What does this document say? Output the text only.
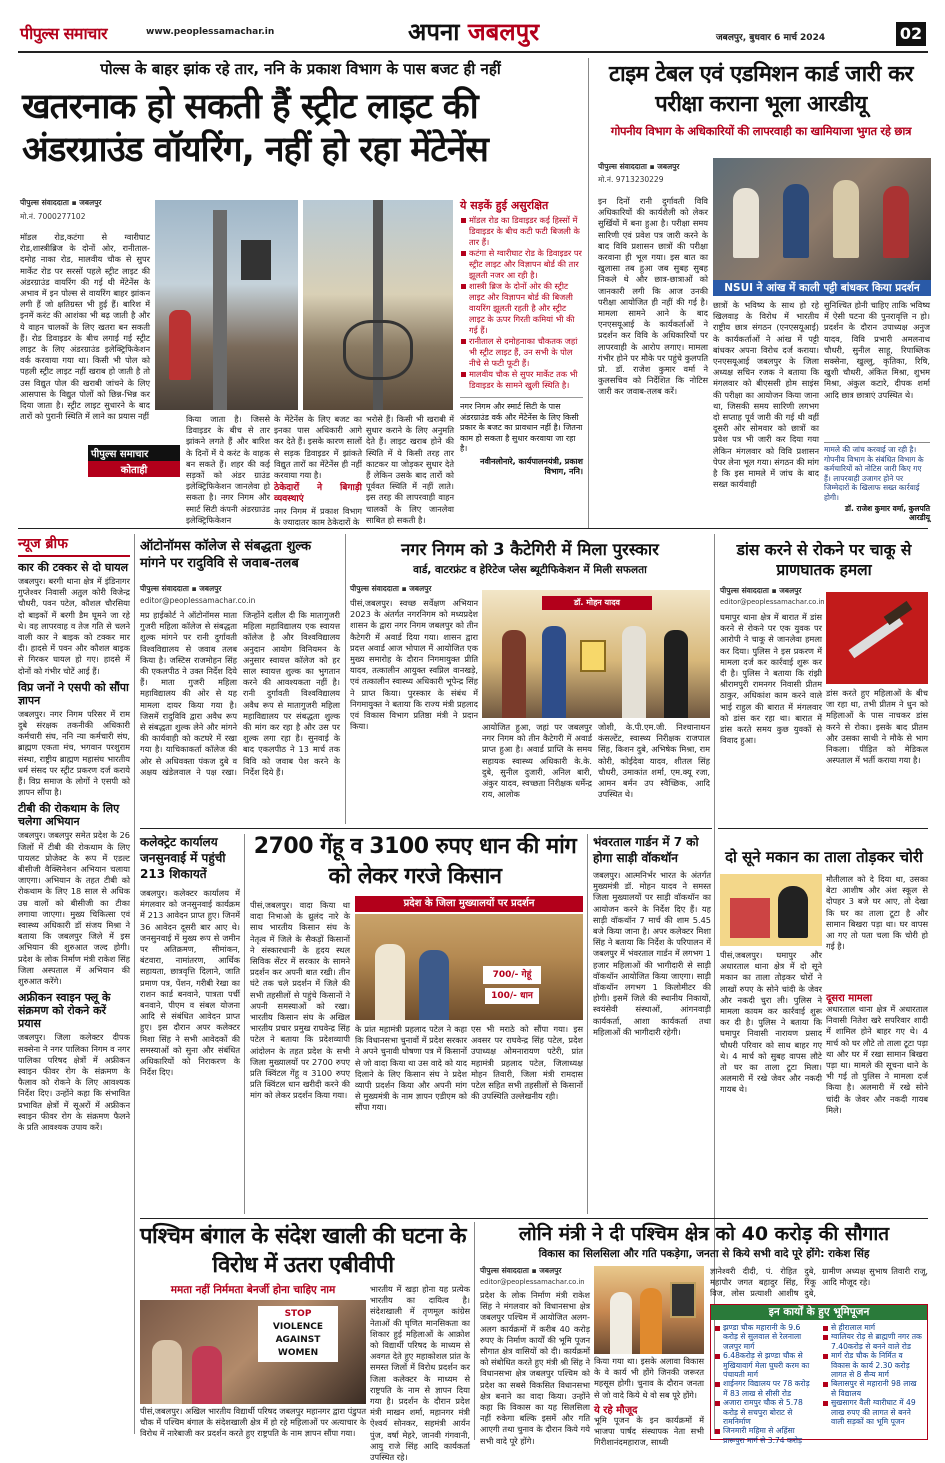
पीपुल्स समाचार	www.peoplessamachar.in	अपना जबलपुर	जबलपुर, बुधवार 6 मार्च 2024	02
पोल्स के बाहर झांक रहे तार, ननि के प्रकाश विभाग के पास बजट ही नहीं
खतरनाक हो सकती हैं स्ट्रीट लाइट की अंडरग्राउंड वॉयरिंग, नहीं हो रहा मेंटेनेंस
पीपुल्स संवाददाता ▪ जबलपुर
मो.नं. 7000277102
मॉडल रोड,कटंगा से ग्वारीघाट रोड,शास्त्रीब्रिज के दोनों ओर, रानीताल- दमोह नाका रोड, मालवीय चौक से सुपर मार्केट रोड पर सरसों पहले स्ट्रीट लाइट की अंडरग्राउंड वायरिंग की गई थी मेंटेनेंस के अभाव में इन पोल्स से वायरिंग बाहर झांकन लगी हैं जो क्षतिग्रस्त भी हुई हैं। बारिश में इनमें करंट की आशंका भी बढ़ जाती है और ये वाहन चालकों के लिए खतरा बन सकती हैं। रोड डिवाइडर के बीच लगाई गई स्ट्रीट लाइट के लिए अंडरग्राउंड इलेक्ट्रिफिकेशन वर्क करवाया गया था। किसी भी पोल को पहली स्ट्रीट लाइट नहीं खराब हो जाती है तो उस विद्युत पोल की खराबी जांचने के लिए आसपास के विद्युत पोलों को छिन्न-भिन्न कर दिया जाता है। स्ट्रीट लाइट सुधारने के बाद तारों को पुरानी स्थिति में लाने का प्रयास नहीं
पीपुल्स समाचार
कोताही
किया जाता है। जिससे डिवाइडर के बीच से तार झांकने लगते हैं और बारिश के दिनों में ये करंट के वाहक बन सकते हैं। शहर की कई सड़कों को अंडर ग्राउंड इलेक्ट्रिफिकेशन जानलेवा हो सकता है। नगर निगम और स्मार्ट सिटी कंपनी अंडरग्राउंड इलेक्ट्रिफिकेशन
के मेंटेनेंस के लिए बजट का इनका पास अधिकारी आगे कर देते हैं। इसके कारण सालों से सड़क डिवाइडर में झांकते विद्युत तारों का मेंटेनेंस ही नहीं करवाया गया है।
ठेकेदारों ने बिगाड़ी व्यवस्थाएं
नगर निगम में प्रकाश विभाग के ज्यादातर काम ठेकेदारों के
भरोसे हैं। किसी भी खराबी में सुधार कराने के लिए अनुमति देते हैं। लाइट खराब होने की स्थिति में ये किसी तरह तार काटकर या जोड़कर सुधार देते हैं लेकिन उसके बाद तारों को पूर्ववत स्थिति में नहीं लाते। इस तरह की लापरवाही वाहन चालकों के लिए जानलेवा साबित हो सकती है।
ये सड़कें हुई असुरक्षित
मॉडल रोड का डिवाइडर कई हिस्सों में डिवाइडर के बीच कटी फटी बिजली के तार हैं।
कटंगा से ग्वारीघाट रोड के डिवाइडर पर स्ट्रीट लाइट और विज्ञापन बोर्ड की तार झूलती नजर आ रही है।
शास्त्री ब्रिज के दोनों ओर की स्ट्रीट लाइट और विज्ञापन बोर्ड की बिजली वायरिंग झूलती रहती है और स्ट्रीट लाइट के ऊपर गिरती कमियां भी की गई हैं।
रानीताल से दमोहनाका चौकतक जहां भी स्ट्रीट लाइट हैं, उन सभी के पोल नीचे से फटी फूटी हैं।
मालवीय चौक से सुपर मार्केट तक भी डिवाइडर के सामने खुली स्थिति है।
नगर निगम और स्मार्ट सिटी के पास अंडरग्राउंड वर्क और मेंटेनेंस के लिए किसी प्रकार के बजट का प्रावधान नहीं है। जितना काम हो सकता है सुधार करवाया जा रहा है।
नवीनलोनारे, कार्यपालनयंत्री, प्रकाश विभाग, ननि।
टाइम टेबल एवं एडमिशन कार्ड जारी कर परीक्षा कराना भूला आरडीयू
गोपनीय विभाग के अधिकारियों की लापरवाही का खामियाजा भुगत रहे छात्र
पीपुल्स संवाददाता ▪ जबलपुर
मो.नं. 9713230229
इन दिनों रानी दुर्गावती विवि अधिकारियों की कार्यशैली को लेकर सुर्खियों में बना हुआ है। परीक्षा समय सारिणी एवं प्रवेश पत्र जारी करने के बाद विवि प्रशासन छात्रों की परीक्षा करवाना ही भूल गया। इस बात का खुलासा तब हुआ जब सुबह सुबह निकले थे और छात्र-छात्राओं को जानकारी लगी कि आज उनकी परीक्षा आयोजित ही नहीं की गई है। मामला सामने आने के बाद एनएसयूआई के कार्यकर्ताओं ने प्रदर्शन कर विवि के अधिकारियों पर लापरवाही के आरोप लगाए। मामला गंभीर होने पर मौके पर पहुंचे कुलपति प्रो. डॉ. राजेश कुमार वर्मा ने कुलसचिव को निर्देशित कि नोटिस जारी कर जवाब-तलब करें।
NSUI ने आंख में काली पट्टी बांधकर किया प्रदर्शन
छात्रों के भविष्य के साथ हो रहे खिलवाड़ के विरोध में भारतीय राष्ट्रीय छात्र संगठन (एनएसयूआई) के कार्यकर्ताओं ने आंख में पट्टी बांधकर अपना विरोध दर्ज कराया। एनएसयूआई जबलपुर के जिला अध्यक्ष सचिन रजक ने बताया कि मंगलवार को बीएससी होम साइंस की परीक्षा का आयोजन किया जाना था, जिसकी समय सारिणी लगभग दो सप्ताह पूर्व जारी की गई थी वहीं दूसरी ओर सोमवार को छात्रों का प्रवेश पत्र भी जारी कर दिया गया लेकिन मंगलवार को विवि प्रशासन पेपर लेना भूल गया। संगठन की मांग है कि इस मामले में जांच के बाद सख्त कार्यवाही
सुनिश्चित होनी चाहिए ताकि भविष्य में ऐसी घटना की पुनरावृत्ति न हो। प्रदर्शन के दौरान उपाध्यक्ष अनुज यादव, विवि प्रभारी अमलनाथ चौधरी, सुनील साहू, रिपाब्लिक सक्सेना, खुल्लु, कृतिका, रिषि, खुशी चौधरी, अंकित मिश्रा, शुभम मिश्रा, अंकुल कटारे, दीपक शर्मा आदि छात्र छात्राएं उपस्थित थे।
मामले की जांच करवाई जा रही है। गोपनीय विभाग के संबंधित विभाग के कर्मचारियों को नोटिस जारी किए गए हैं। लापरवाही उजागर होने पर जिम्मेदारों के खिलाफ सख्त कार्रवाई होगी।
डॉ. राजेश कुमार वर्मा, कुलपति आरडीयू
न्यूज ब्रीफ
कार की टक्कर से दो घायल
जबलपुर। बरगी थाना क्षेत्र में इंडिनागर गुप्तेश्वर निवासी अतुल कोरी विजेन्द्र चौधरी, पवन पटेल, कौशल चौरसिया दो बाइकों में बरगी डैम घूमने जा रहे थे। वह लापरवाह व तेज गति से चलने वाली कार ने बाइक को टक्कर मार दी। हादसे में पवन और कौशल बाइक से गिरकर घायल हो गए। हादसे में दोनों को गंभीर चोटें आई हैं।
विप्र जनों ने एसपी को सौंपा ज्ञापन
जबलपुर। नगर निगम परिसर में राम दुबे संरक्षक तकनीकी अधिकारी कर्मचारी संघ, ननि न्या कर्मचारी संघ, ब्राह्मण एकता मंच, भगवान परशुराम संस्था, राष्ट्रीय ब्राह्मण महासंघ भारतीय धर्म संसद पर स्ट्रीट प्रकरण दर्ज कराये हैं। विप्र समाज के लोगों ने एसपी को ज्ञापन सौंपा है।
टीबी की रोकथाम के लिए चलेगा अभियान
जबलपुर। जबलपुर समेत प्रदेश के 26 जिलों में टीबी की रोकथाम के लिए पायलट प्रोजेक्ट के रूप में एडल्ट बीसीजी वैक्सिनेशन अभियान चलाया जाएगा। अभियान के तहत टीबी को रोकथाम के लिए 18 साल से अधिक उम्र वालों को बीसीजी का टीका लगाया जाएगा। मुख्य चिकित्सा एवं स्वास्थ्य अधिकारी डॉ संजय मिश्रा ने बताया कि जबलपुर जिले में इस अभियान की शुरुआत जल्द होगी। प्रदेश के लोक निर्माण मंत्री राकेश सिंह जिला अस्पताल में अभियान की शुरुआत करेंगे।
अफ्रीकन स्वाइन फ्लू के संक्रमण को रोकने करें प्रयास
जबलपुर। जिला कलेक्टर दीपक सक्सेना ने नगर पालिका निगम व नगर पालिका परिषद क्षेत्रों में अफ्रीकन स्वाइन फीवर रोग के संक्रमण के फैलाव को रोकने के लिए आवश्यक निर्देश दिए। उन्होंने कहा कि संभावित प्रभावित क्षेत्रों में सूअरों में अफ्रीकन स्वाइन फीवर रोग के संक्रमण फैलने के प्रति आवश्यक उपाय करें।
ऑटोनॉमस कॉलेज से संबद्धता शुल्क मांगने पर रादुविवि से जवाब-तलब
पीपुल्स संवाददाता ▪ जबलपुर
editor@peoplessamachar.co.in
मप्र हाईकोर्ट ने ऑटोनॉमस माता गुजरी महिला कॉलेज से संबद्धता शुल्क मांगने पर रानी दुर्गावती विश्वविद्यालय से जवाब तलब किया है। जस्टिस राजमोहन सिंह की एकलपीठ ने उक्त निर्देश दिये हैं। माता गुजरी महिला महाविद्यालय की ओर से यह मामला दायर किया गया है। जिसमें रादुविवि द्वारा अवैध रूप से संबद्धता शुल्क लेने और मांगने की कार्यवाही को कटघरे में रखा गया है। याचिकाकर्ता कॉलेज की ओर से अधिवक्ता पंकज दुबे व अक्षय खंडेलवाल ने पक्ष रखा। जिन्होंने दलील दी कि मातागुजरी महिला महाविद्यालय एक स्वायत्त कॉलेज है और विश्वविद्यालय अनुदान आयोग विनियमन के अनुसार स्वायत्त कॉलेज को हर साल स्वायत्त शुल्क का भुगतान करने की आवश्यकता नहीं है। रानी दुर्गावती विश्वविद्यालय अवैध रूप से मातागुजरी महिला महाविद्यालय पर संबद्धता शुल्क की मांग कर रहा है और उस पर शुल्क लगा रहा है। सुनवाई के बाद एकलपीठ ने 13 मार्च तक विवि को जवाब पेश करने के निर्देश दिये हैं।
नगर निगम को 3 कैटेगिरी में मिला पुरस्कार
वार्ड, वाटरफ्रंट व हेरिटेज प्लेस ब्यूटीफिकेशन में मिली सफलता
पीपुल्स संवाददाता ▪ जबलपुर
पीसं,जबलपुर। स्वच्छ सर्वेक्षण अभियान 2023 के अंतर्गत नगरनिगम को मध्यप्रदेश शासन के द्वारा नगर निगम जबलपुर को तीन कैटेगरी में अवार्ड दिया गया। शासन द्वारा प्रदत्त अवार्ड आज भोपाल में आयोजित एक मुख्य समारोह के दौरान निगमायुक्त प्रीति यादव, तत्कालीन आयुक्त स्वप्निल वानखड़े, एवं तत्कालीन स्वास्थ्य अधिकारी भूपेन्द्र सिंह ने प्राप्त किया। पुरस्कार के संबंध में निगमायुक्त ने बताया कि राज्य मंत्री प्रहलाद एवं विकास विभाग प्रतिष्ठा मंत्री ने प्रदान किया।
डॉ. मोहन यादव
आयोजित हुआ, जहां पर जबलपुर नगर निगम को तीन कैटेगरी में अवार्ड प्राप्त हुआ है। अवार्ड प्राप्ति के समय सहायक स्वास्थ्य अधिकारी के.के. दुबे, सुनील दुजारी, अनिल बारी, अंकुर यादव, स्वच्छता निरीक्षक धर्मेन्द्र राय, आलोक
जोशी, के.पी.एम.जी. निश्चानाथन कंसल्टेंट, स्वास्थ्य निरीक्षक राजपाल सिंह, किशन दुबे, अभिषेक मिश्रा, राम कोरी, कोईदेवा यादव, शीतल सिंह चौधरी, उमाकांत शर्मा, एम.क्यू रजा, आमन बर्मन उप स्वैच्छिक, आदि उपस्थित थे।
डांस करने से रोकने पर चाकू से प्राणघातक हमला
पीपुल्स संवाददाता ▪ जबलपुर
editor@peoplessamachar.co.in
घमापुर थाना क्षेत्र में बारात में डांस करने से रोकने पर एक युवक पर आरोपी ने चाकू से जानलेवा हमला कर दिया। पुलिस ने इस प्रकरण में मामला दर्ज कर कार्रवाई शुरू कर दी है। पुलिस ने बताया कि रांझी श्रीरामपुरी रामनगर निवासी प्रीतम ठाकुर, अधिकांश काम करने वाले भाई राहुल की बारात में मंगलवार को डांस कर रहा था। बारात में डांस करते समय कुछ युवकों से विवाद हुआ।
डांस करते हुए महिलाओं के बीच जा रहा था, तभी प्रीतम ने धुन को महिलाओं के पास नाचकर डांस करने से रोका। इसके बाद प्रीतम और उसका साथी ने मौके से भाग निकला। पीड़ित को मेडिकल अस्पताल में भर्ती कराया गया है।
कलेक्ट्रेट कार्यालय जनसुनवाई में पहुंची 213 शिकायतें
जबलपुर। कलेक्टर कार्यालय में मंगलवार को जनसुनवाई कार्यक्रम में 213 आवेदन प्राप्त हुए। जिनमें 36 आवेदन दूसरी बार आए थे। जनसुनवाई में मुख्य रूप से जमीन पर अतिक्रमण, सीमांकन, बंटवारा, नामांतरण, आर्थिक सहायता, छात्रवृत्ति दिलाने, जाति प्रमाण पत्र, पेंशन, गरीबी रेखा का राशन कार्ड बनवाने, पात्रता पर्ची बनवाने, पीएम व संबल योजना आदि से संबंधित आवेदन प्राप्त हुए। इस दौरान अपर कलेक्टर मिशा सिंह ने सभी आवेदकों की समस्याओं को सुना और संबंधित अधिकारियों को निराकरण के निर्देश दिए।
2700 गेंहू व 3100 रुपए धान की मांग को लेकर गरजे किसान
प्रदेश के जिला मुख्यालयों पर प्रदर्शन
पीसं,जबलपुर। वादा किया था वादा निभाओ के थ्रुलंद नारे के साथ भारतीय किसान संघ के नेतृत्व में जिले के सैकड़ों किसानों ने संस्कारधानी के हृदय स्थल सिविक सेंटर में सरकार के सामने प्रदर्शन कर अपनी बात रखी। तीन घंटे तक चले प्रदर्शन में जिले की सभी तहसीलों से पहुंचे किसानों ने अपनी समस्याओं को रखा। भारतीय किसान संघ के अखिल भारतीय प्रचार प्रमुख राघवेन्द्र सिंह पटेल ने बताया कि प्रदेशव्यापी आंदोलन के तहत प्रदेश के सभी जिला मुख्यालयों पर 2700 रुपए प्रति क्विंटल गेंहू व 3100 रुपए प्रति क्विंटल धान खरीदी करने की मांग को लेकर प्रदर्शन किया गया।
700/- गेहूं
100/- धान
के प्रांत महामंत्री प्रहलाद पटेल ने कहा कि विधानसभा चुनावों में प्रदेश सरकार ने अपने चुनावी घोषणा पत्र में किसानों से जो वादा किया था उस वादे को याद दिलाने के लिए किसान संघ ने प्रदेश व्यापी प्रदर्शन किया और अपनी मांग से मुख्यमंत्री के नाम ज्ञापन एडीएम को सौंपा गया।
एस भी मराठे को सौंपा गया। इस अवसर पर राघवेन्द्र सिंह पटेल, प्रदेश उपाध्यक्ष ओमनारायण पटेरी, प्रांत महामंत्री प्रहलाद पटेल, जिलाध्यक्ष मोहन तिवारी, जिला मंत्री रामदास पटेल सहित सभी तहसीलों से किसानों की उपस्थिति उल्लेखनीय रही।
भंवरताल गार्डन में 7 को होगा साड़ी वॉकथॉन
जबलपुर। आत्मनिर्भर भारत के अंतर्गत मुख्यमंत्री डॉ. मोहन यादव ने समस्त जिला मुख्यालयों पर साड़ी वॉकथॉन का आयोजन करने के निर्देश दिए हैं। यह साड़ी वॉकथॉन 7 मार्च की शाम 5.45 बजे किया जाना है। अपर कलेक्टर मिशा सिंह ने बताया कि निर्देश के परिपालन में जबलपुर में भंवरताल गार्डन में लगभग 1 हजार महिलाओं की भागीदारी से साड़ी वॉकथॉन आयोजित किया जाएगा। साड़ी वॉकथॉन लगभग 1 किलोमीटर की होगी। इसमें जिले की स्थानीय निकायों, स्वयंसेवी संस्थाओं, आंगनवाड़ी कार्यकर्ता, आशा कार्यकर्ता तथा महिलाओं की भागीदारी रहेगी।
दो सूने मकान का ताला तोड़कर चोरी
पीसं,जबलपुर। घमापुर और अधारताल थाना क्षेत्र में दो सूने मकान का ताला तोड़कर चोरों ने लाखों रुपए के सोने चांदी के जेवर और नकदी चुरा ली। पुलिस ने मामला कायम कर कार्रवाई शुरू कर दी है। पुलिस ने बताया कि घमापुर निवासी नारायण प्रसाद चौधरी परिवार को साथ बाहर गए थे। 4 मार्च को सुबह वापस लौटे तो घर का ताला टूटा मिला। अलमारी में रखे जेवर और नकदी गायब थे।
मौतीलाल को दे दिया था, उसका बेटा आशीष और अंश स्कूल से दोपहर 3 बजे घर आए, तो देखा कि घर का ताला टूटा है और सामान बिखरा पड़ा था। घर वापस आ गए तो पता चला कि चोरी हो गई है।
दूसरा मामला
अधारताल थाना क्षेत्र में अधारताल निवासी नितेश खरे सपरिवार शादी में शामिल होने बाहर गए थे। 4 मार्च को घर लौटे तो ताला टूटा पड़ा था और घर में रखा सामान बिखरा पड़ा था। मामले की सूचना थाने के भी गई तो पुलिस ने मामला दर्ज किया है। अलमारी में रखे सोने चांदी के जेवर और नकदी गायब मिले।
पश्चिम बंगाल के संदेश खाली की घटना के विरोध में उतरा एबीवीपी
ममता नहीं निर्ममता बेनर्जी होना चाहिए नाम
STOP
VIOLENCE
AGAINST
WOMEN
पीसं,जबलपुर। अखिल भारतीय विद्यार्थी परिषद जबलपुर महानगर द्वारा पंडुपत चौक में पश्चिम बंगाल के संदेशखाली क्षेत्र में हो रहे महिलाओं पर अत्याचार के विरोध में नारेबाजी कर प्रदर्शन करते हुए राष्ट्रपति के नाम ज्ञापन सौंपा गया।
भारतीय में खड़ा होना यह प्रत्येक भारतीय का दायित्व है। संदेशखाली में तृणमूल कांग्रेस नेताओं की घृणित मानसिकता का शिकार हुई महिलाओं के आक्रोश को विद्यार्थी परिषद के माध्यम से अवगत देते हुए महाकोशल प्रांत के समस्त जिलों में विरोध प्रदर्शन कर जिला कलेक्टर के माध्यम से राष्ट्रपति के नाम से ज्ञापन दिया गया है। प्रदर्शन के दौरान प्रदेश मंत्री माखन शर्मा, महानगर मंत्री ऐश्वर्य सोनकर, सहमंत्री आर्यन पुंज, वर्षा मेहरे, जानवी गंगवानी, आयु राजे सिंह आदि कार्यकर्ता उपस्थित रहे।
लोनि मंत्री ने दी पश्चिम क्षेत्र को 40 करोड़ की सौगात
विकास का सिलसिला और गति पकड़ेगा, जनता से किये सभी वादे पूरे होंगे: राकेश सिंह
पीपुल्स संवाददाता ▪ जबलपुर
editor@peoplessamachar.co.in
प्रदेश के लोक निर्माण मंत्री राकेश सिंह ने मंगलवार को विधानसभा क्षेत्र जबलपुर पश्चिम में आयोजित अलग-अलग कार्यक्रमों में करीब 40 करोड़ रुपए के निर्माण कार्यों की भूमि पूजन सौगात क्षेत्र वासियों को दी। कार्यक्रमों को संबोधित करते हुए मंत्री श्री सिंह ने विधानसभा क्षेत्र जबलपुर पश्चिम को प्रदेश का सबसे विकसित विधानसभा क्षेत्र बनाने का वादा किया। उन्होंने कहा कि विकास का यह सिलसिला नहीं रुकेगा बल्कि इसमें और गति आएगी तथा चुनाव के दौरान किये गये सभी वादे पूरे होंगे।
किया गया था। इसके अलावा विकास के वे कार्य भी होंगे जिनकी जरूरत महसूस होगी। चुनाव के दौरान जनता से जो वादे किये थे वो सब पूरे होंगे।
ये रहे मौजूद
भूमि पूजन के इन कार्यक्रमों में भाजपा पार्षद संस्थापक नेता सभी गिरीशानंदमहाराज, साध्वी
ज्ञानेश्वरी दीदी, पं. रोहित दुबे, महापौर जगत बहादुर सिंह, रिंकू विज, लोस प्रत्याशी आशीष दुबे, ग्रामीण अध्यक्ष सुभाष तिवारी राजू, आदि मौजूद रहे।
इन कार्यों के हुए भूमिपूजन
झण्डा चौक महारानी के 9.6 करोड़ से सुलवाल से रेलनाला जलपुर मार्ग
6.48करोड़ से झण्डा चौक से मुखियावार्ग मेला घुघरी करम का पंचायती मार्ग
शाईनगर विद्यालय पर 78 करोड़ में 83 लाख से सीसी रोड
अजारा रामपुर चौक से 5.78 करोड़ से सचपुरा बोराट से रामनिर्माण
जिनमारी महिमा से अहिंसा प्रारूपुरा मार्ग से 3.74 करोड़
से हीरालाल मार्ग
ग्वालियर रोड़ से ब्राह्मणी नगर तक 7.40करोड़ से बनने वाले रोड
मार्ग रोड चौक के निर्मित व विकास के कार्य 2.30 करोड़ लागत से 8 सैन्य मार्ग
बिलासपुर से महारानी 98 लाख से विद्यालय
सुखसागर वैली ग्वारीघाट में 49 लाख रुपए की लागत से बनने वाली सड़कों का भूमि पूजन
